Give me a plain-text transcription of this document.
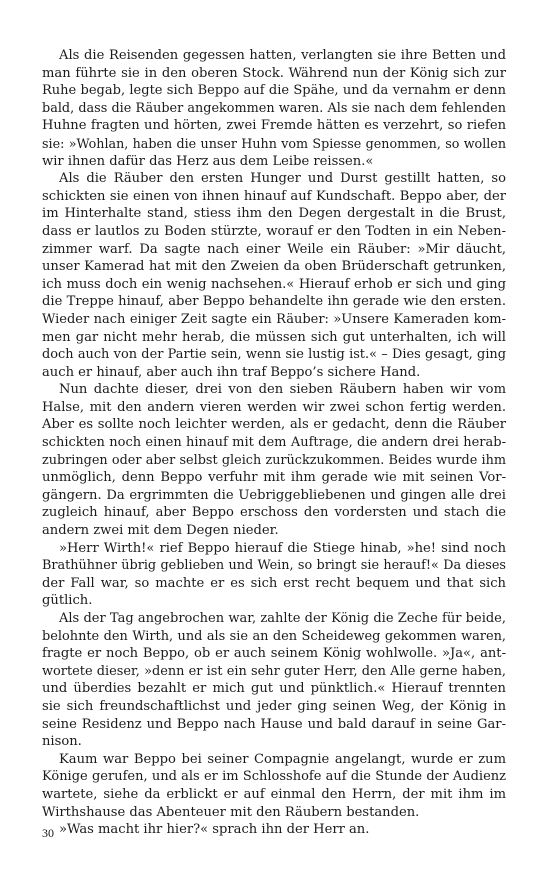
Als die Reisenden gegessen hatten, verlangten sie ihre Betten und
man führte sie in den oberen Stock. Während nun der König sich zur
Ruhe begab, legte sich Beppo auf die Spähe, und da vernahm er denn
bald, dass die Räuber angekommen waren. Als sie nach dem fehlenden
Huhne fragten und hörten, zwei Fremde hätten es verzehrt, so riefen
sie: »Wohlan, haben die unser Huhn vom Spiesse genommen, so wollen
wir ihnen dafür das Herz aus dem Leibe reissen.«
Als die Räuber den ersten Hunger und Durst gestillt hatten, so
schickten sie einen von ihnen hinauf auf Kundschaft. Beppo aber, der
im Hinterhalte stand, stiess ihm den Degen dergestalt in die Brust,
dass er lautlos zu Boden stürzte, worauf er den Todten in ein Neben-
zimmer warf. Da sagte nach einer Weile ein Räuber: »Mir däucht,
unser Kamerad hat mit den Zweien da oben Brüderschaft getrunken,
ich muss doch ein wenig nachsehen.« Hierauf erhob er sich und ging
die Treppe hinauf, aber Beppo behandelte ihn gerade wie den ersten.
Wieder nach einiger Zeit sagte ein Räuber: »Unsere Kameraden kom-
men gar nicht mehr herab, die müssen sich gut unterhalten, ich will
doch auch von der Partie sein, wenn sie lustig ist.« – Dies gesagt, ging
auch er hinauf, aber auch ihn traf Beppo’s sichere Hand.
Nun dachte dieser, drei von den sieben Räubern haben wir vom
Halse, mit den andern vieren werden wir zwei schon fertig werden.
Aber es sollte noch leichter werden, als er gedacht, denn die Räuber
schickten noch einen hinauf mit dem Auftrage, die andern drei herab-
zubringen oder aber selbst gleich zurückzukommen. Beides wurde ihm
unmöglich, denn Beppo verfuhr mit ihm gerade wie mit seinen Vor-
gängern. Da ergrimmten die Uebriggebliebenen und gingen alle drei
zugleich hinauf, aber Beppo erschoss den vordersten und stach die
andern zwei mit dem Degen nieder.
»Herr Wirth!« rief Beppo hierauf die Stiege hinab, »he! sind noch
Brathühner übrig geblieben und Wein, so bringt sie herauf!« Da dieses
der Fall war, so machte er es sich erst recht bequem und that sich
gütlich.
Als der Tag angebrochen war, zahlte der König die Zeche für beide,
belohnte den Wirth, und als sie an den Scheideweg gekommen waren,
fragte er noch Beppo, ob er auch seinem König wohlwolle. »Ja«, ant-
wortete dieser, »denn er ist ein sehr guter Herr, den Alle gerne haben,
und überdies bezahlt er mich gut und pünktlich.« Hierauf trennten
sie sich freundschaftlichst und jeder ging seinen Weg, der König in
seine Residenz und Beppo nach Hause und bald darauf in seine Gar-
nison.
Kaum war Beppo bei seiner Compagnie angelangt, wurde er zum
Könige gerufen, und als er im Schlosshofe auf die Stunde der Audienz
wartete, siehe da erblickt er auf einmal den Herrn, der mit ihm im
Wirthshause das Abenteuer mit den Räubern bestanden.
»Was macht ihr hier?« sprach ihn der Herr an.
30
